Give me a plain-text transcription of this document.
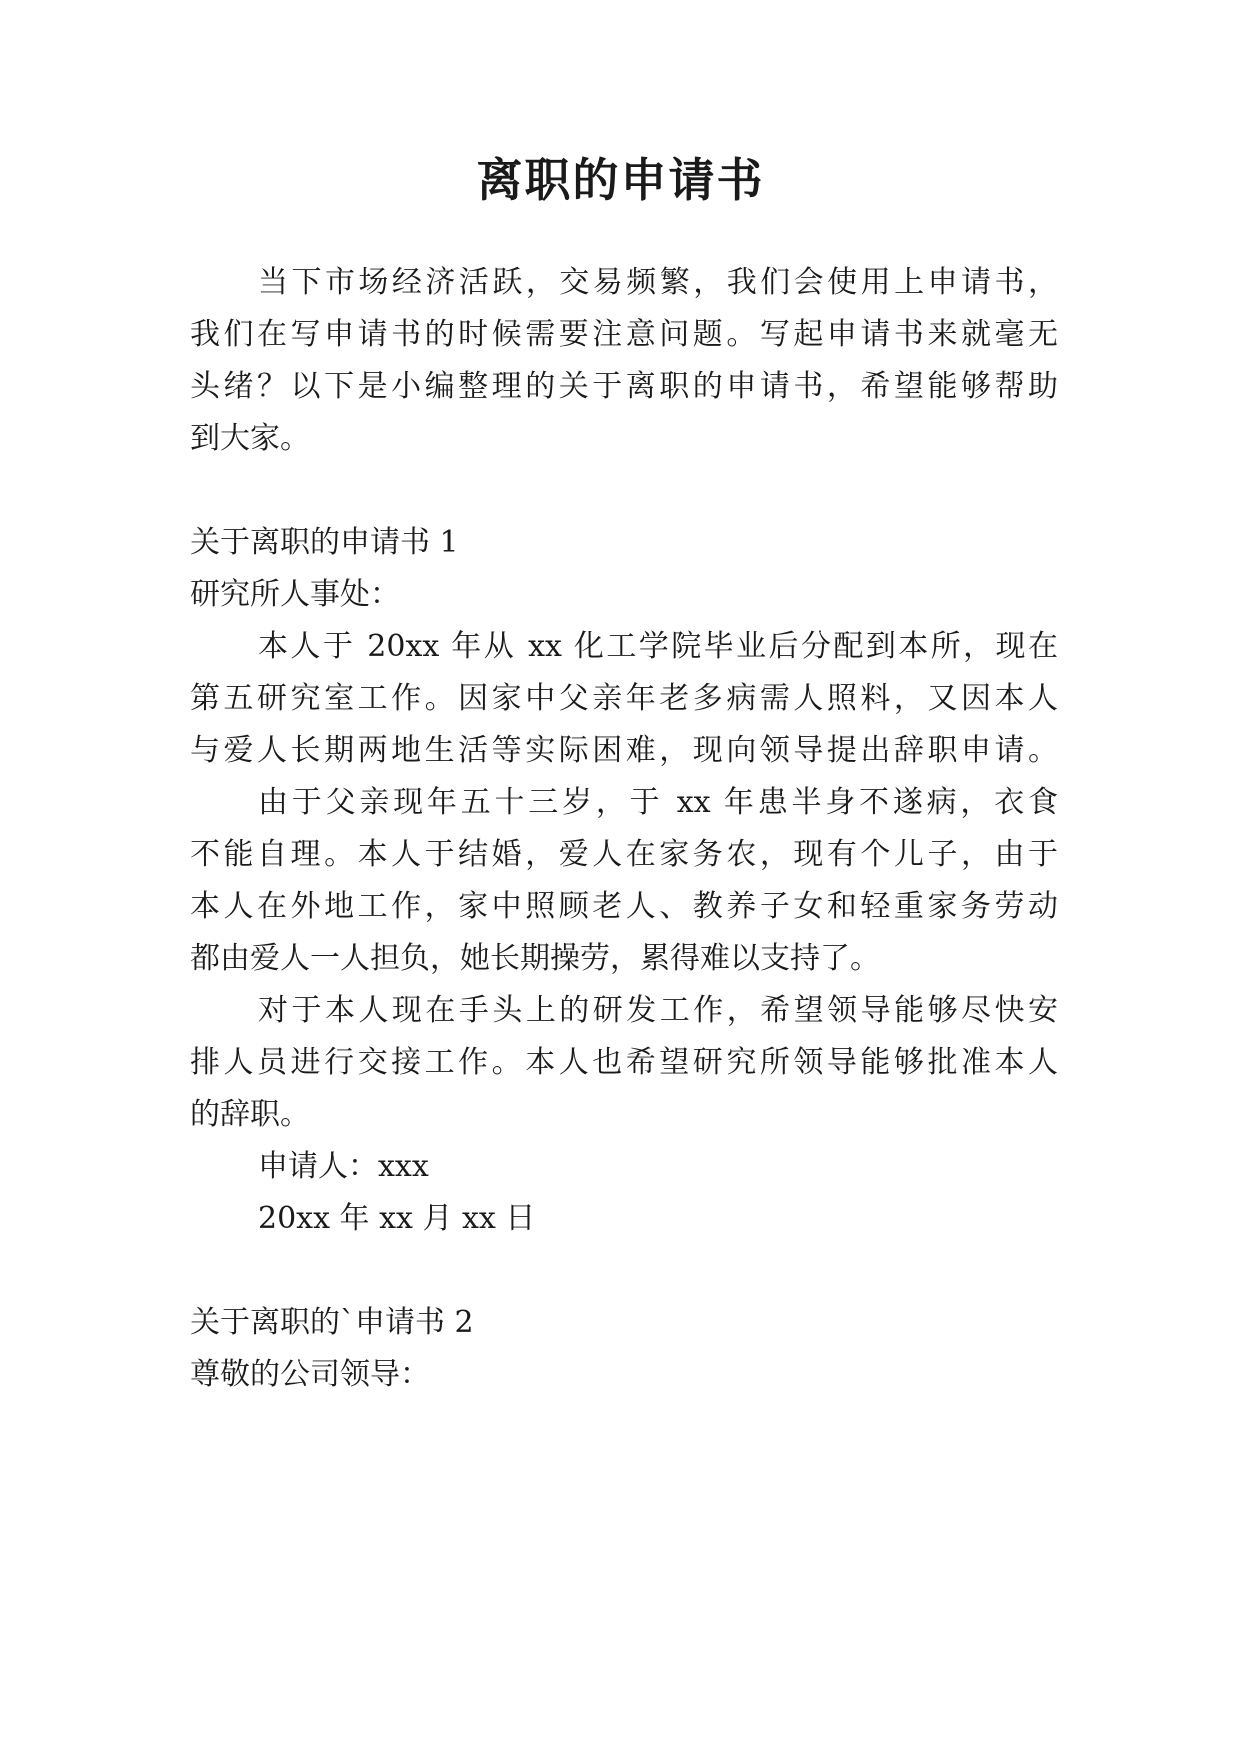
离职的申请书

当下市场经济活跃，交易频繁，我们会使用上申请书，

我们在写申请书的时候需要注意问题。写起申请书来就毫无

头绪？以下是小编整理的关于离职的申请书，希望能够帮助

到大家。

关于离职的申请书 1

研究所人事处：

本人于 20xx 年从 xx 化工学院毕业后分配到本所，现在

第五研究室工作。因家中父亲年老多病需人照料，又因本人

与爱人长期两地生活等实际困难，现向领导提出辞职申请。

由于父亲现年五十三岁，于 xx 年患半身不遂病，衣食

不能自理。本人于结婚，爱人在家务农，现有个儿子，由于

本人在外地工作，家中照顾老人、教养子女和轻重家务劳动

都由爱人一人担负，她长期操劳，累得难以支持了。

对于本人现在手头上的研发工作，希望领导能够尽快安

排人员进行交接工作。本人也希望研究所领导能够批准本人

的辞职。

申请人：xxx

20xx 年 xx 月 xx 日

关于离职的`申请书 2

尊敬的公司领导：
